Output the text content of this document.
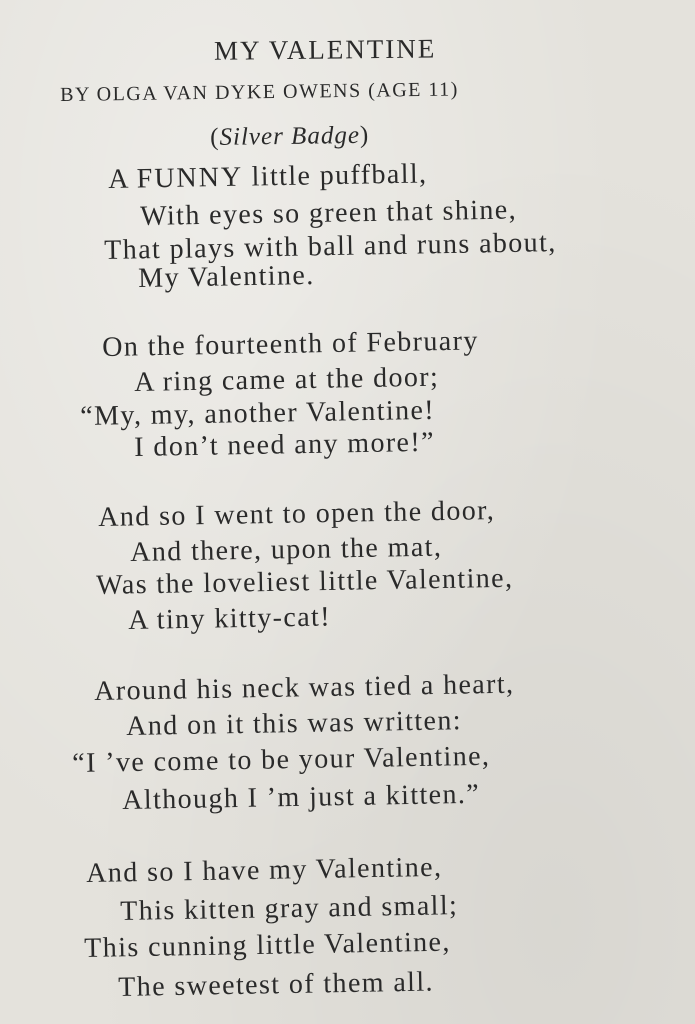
MY VALENTINE
BY OLGA VAN DYKE OWENS (AGE 11)
(Silver Badge)
A FUNNY little puffball,
With eyes so green that shine,
That plays with ball and runs about,
My Valentine.
On the fourteenth of February
A ring came at the door;
“My, my, another Valentine!
I don’t need any more!”
And so I went to open the door,
And there, upon the mat,
Was the loveliest little Valentine,
A tiny kitty-cat!
Around his neck was tied a heart,
And on it this was written:
“I ’ve come to be your Valentine,
Although I ’m just a kitten.”
And so I have my Valentine,
This kitten gray and small;
This cunning little Valentine,
The sweetest of them all.
